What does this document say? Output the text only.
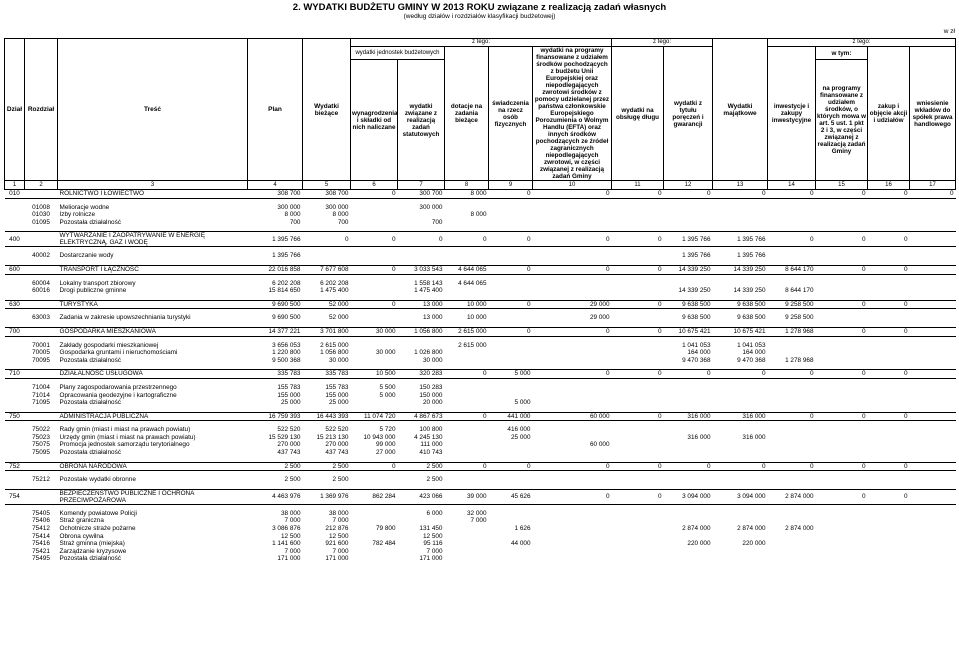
2. WYDATKI BUDŻETU GMINY W 2013 ROKU związane z realizacją zadań własnych
(według działów i rozdziałów klasyfikacji budżetowej)
w zł
Dział	Rozdział	Treść	Plan	Wydatki bieżące	z tego:					z tego:		Wydatki majątkowe	z tego:			
					wydatki jednostek budżetowych		dotacje na zadania bieżące	świadczenia na rzecz osób fizycznych	wydatki na programy finansowane z udziałem środków pochodzących z budżetu Unii Europejskiej oraz niepodlegających zwrotowi środków z pomocy udzielanej przez państwa członkowskie Europejskiego Porozumienia o Wolnym Handlu (EFTA) oraz innych środków pochodzących ze źródeł zagranicznych niepodlegających zwrotowi, w części związanej z realizacją zadań Gminy	wydatki na obsługę długu	wydatki z tytułu poręczeń i gwarancji		inwestycje i zakupy inwestycyjne	w tym:	zakup i objęcie akcji i udziałów	wniesienie wkładów do spółek prawa handlowego
					wynagrodzenia i składki od nich naliczane	wydatki związane z realizacją zadań statutowych								na programy finansowane z udziałem środków, o których mowa w art. 5 ust. 1 pkt 2 i 3, w części związanej z realizacją zadań Gminy		

1	2	3	4	5	6	7	8	9	10	11	12	13	14	15	16	17
010		ROLNICTWO I ŁOWIECTWO	308 700	308 700	0	300 700	8 000	0	0	0	0	0	0	0	0	0

	01008	Melioracje wodne	300 000	300 000		300 000										
	01030	Izby rolnicze	8 000	8 000			8 000									
	01095	Pozostała działalność	700	700		700										

400		WYTWARZANIE I ZAOPATRYWANIE W ENERGIĘ ELEKTRYCZNĄ, GAZ I WODĘ	1 395 766	0	0	0	0	0	0	0	1 395 766	1 395 766	0	0	0	

	40002	Dostarczanie wody	1 395 766								1 395 766	1 395 766				

600		TRANSPORT I ŁĄCZNOŚĆ	22 016 858	7 677 608	0	3 033 543	4 644 065	0	0	0	14 339 250	14 339 250	8 644 170	0	0	

	60004	Lokalny transport zbiorowy	6 202 208	6 202 208		1 558 143	4 644 065									
	60016	Drogi publiczne gminne	15 814 650	1 475 400		1 475 400					14 339 250	14 339 250	8 644 170			

630		TURYSTYKA	9 690 500	52 000	0	13 000	10 000	0	29 000	0	9 638 500	9 638 500	9 258 500	0	0	

	63003	Zadania w zakresie upowszechniania turystyki	9 690 500	52 000		13 000	10 000		29 000		9 638 500	9 638 500	9 258 500			

700		GOSPODARKA MIESZKANIOWA	14 377 221	3 701 800	30 000	1 056 800	2 615 000	0	0	0	10 675 421	10 675 421	1 278 968	0	0	

	70001	Zakłady gospodarki mieszkaniowej	3 656 053	2 615 000			2 615 000				1 041 053	1 041 053				
	70005	Gospodarka gruntami i nieruchomościami	1 220 800	1 056 800	30 000	1 026 800					164 000	164 000				
	70095	Pozostała działalność	9 500 368	30 000		30 000					9 470 368	9 470 368	1 278 968			

710		DZIAŁALNOŚĆ USŁUGOWA	335 783	335 783	10 500	320 283	0	5 000	0	0	0	0	0	0	0	

	71004	Plany zagospodarowania przestrzennego	155 783	155 783	5 500	150 283										
	71014	Opracowania geodezyjne i kartograficzne	155 000	155 000	5 000	150 000										
	71095	Pozostała działalność	25 000	25 000		20 000		5 000								

750		ADMINISTRACJA PUBLICZNA	16 759 393	16 443 393	11 074 720	4 867 673	0	441 000	60 000	0	316 000	316 000	0	0	0	

	75022	Rady gmin (miast i miast na prawach powiatu)	522 520	522 520	5 720	100 800		416 000								
	75023	Urzędy gmin (miast i miast na prawach powiatu)	15 529 130	15 213 130	10 943 000	4 245 130		25 000			316 000	316 000				
	75075	Promocja jednostek samorządu terytorialnego	270 000	270 000	99 000	111 000			60 000							
	75095	Pozostała działalność	437 743	437 743	27 000	410 743										

752		OBRONA NARODOWA	2 500	2 500	0	2 500	0	0	0	0	0	0	0	0	0	

	75212	Pozostałe wydatki obronne	2 500	2 500		2 500										

754		BEZPIECZEŃSTWO PUBLICZNE I OCHRONA PRZECIWPOŻAROWA	4 463 976	1 369 976	862 284	423 066	39 000	45 626	0	0	3 094 000	3 094 000	2 874 000	0	0	

	75405	Komendy powiatowe Policji	38 000	38 000		6 000	32 000									
	75406	Straż graniczna	7 000	7 000			7 000									
	75412	Ochotnicze straże pożarne	3 086 876	212 876	79 800	131 450		1 626			2 874 000	2 874 000	2 874 000			
	75414	Obrona cywilna	12 500	12 500		12 500										
	75416	Straż gminna (miejska)	1 141 600	921 600	782 484	95 116		44 000			220 000	220 000				
	75421	Zarządzanie kryzysowe	7 000	7 000		7 000										
	75495	Pozostała działalność	171 000	171 000		171 000										
